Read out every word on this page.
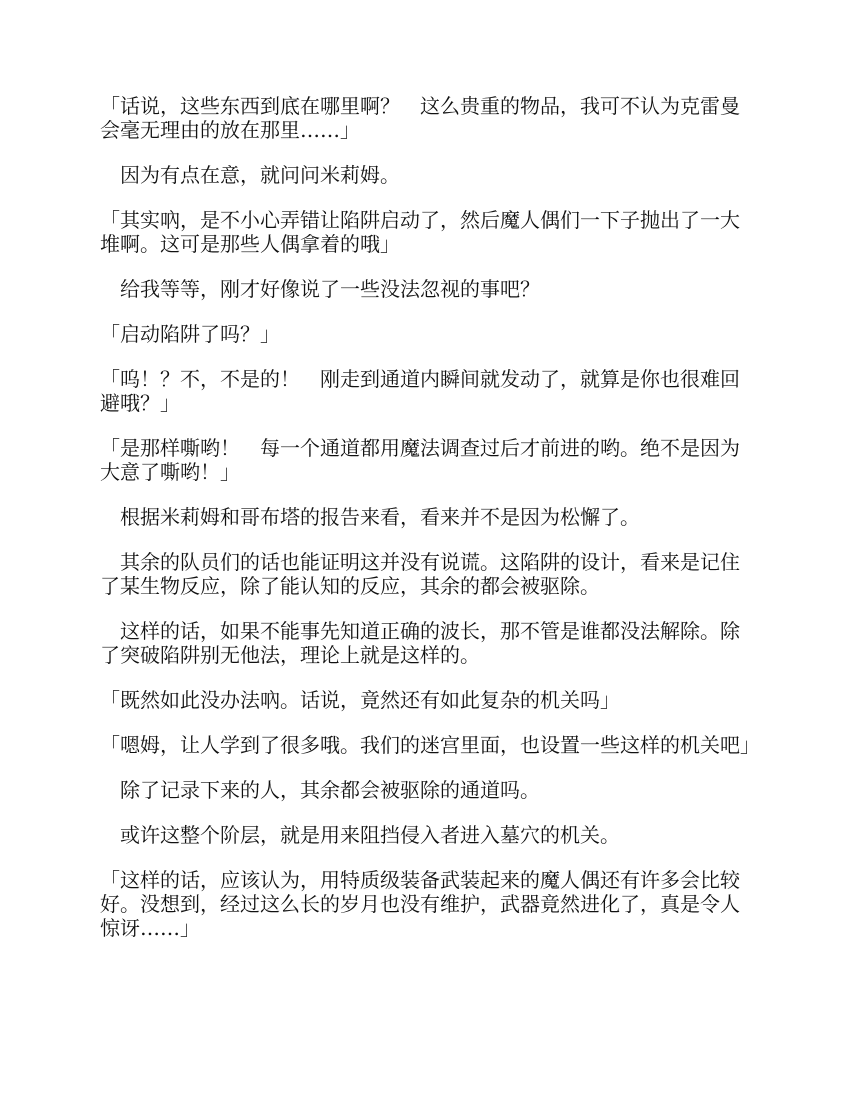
「话说，这些东西到底在哪里啊？　这么贵重的物品，我可不认为克雷曼会毫无理由的放在那里……」

　因为有点在意，就问问米莉姆。

「其实吶，是不小心弄错让陷阱启动了，然后魔人偶们一下子抛出了一大堆啊。这可是那些人偶拿着的哦」

　给我等等，刚才好像说了一些没法忽视的事吧？

「启动陷阱了吗？」

「呜！？不，不是的！　刚走到通道内瞬间就发动了，就算是你也很难回避哦？」

「是那样嘶哟！　每一个通道都用魔法调查过后才前进的哟。绝不是因为大意了嘶哟！」

　根据米莉姆和哥布塔的报告来看，看来并不是因为松懈了。

　其余的队员们的话也能证明这并没有说谎。这陷阱的设计，看来是记住了某生物反应，除了能认知的反应，其余的都会被驱除。

　这样的话，如果不能事先知道正确的波长，那不管是谁都没法解除。除了突破陷阱别无他法，理论上就是这样的。

「既然如此没办法吶。话说，竟然还有如此复杂的机关吗」

「嗯姆，让人学到了很多哦。我们的迷宫里面，也设置一些这样的机关吧」

　除了记录下来的人，其余都会被驱除的通道吗。

　或许这整个阶层，就是用来阻挡侵入者进入墓穴的机关。

「这样的话，应该认为，用特质级装备武装起来的魔人偶还有许多会比较好。没想到，经过这么长的岁月也没有维护，武器竟然进化了，真是令人惊讶……」
